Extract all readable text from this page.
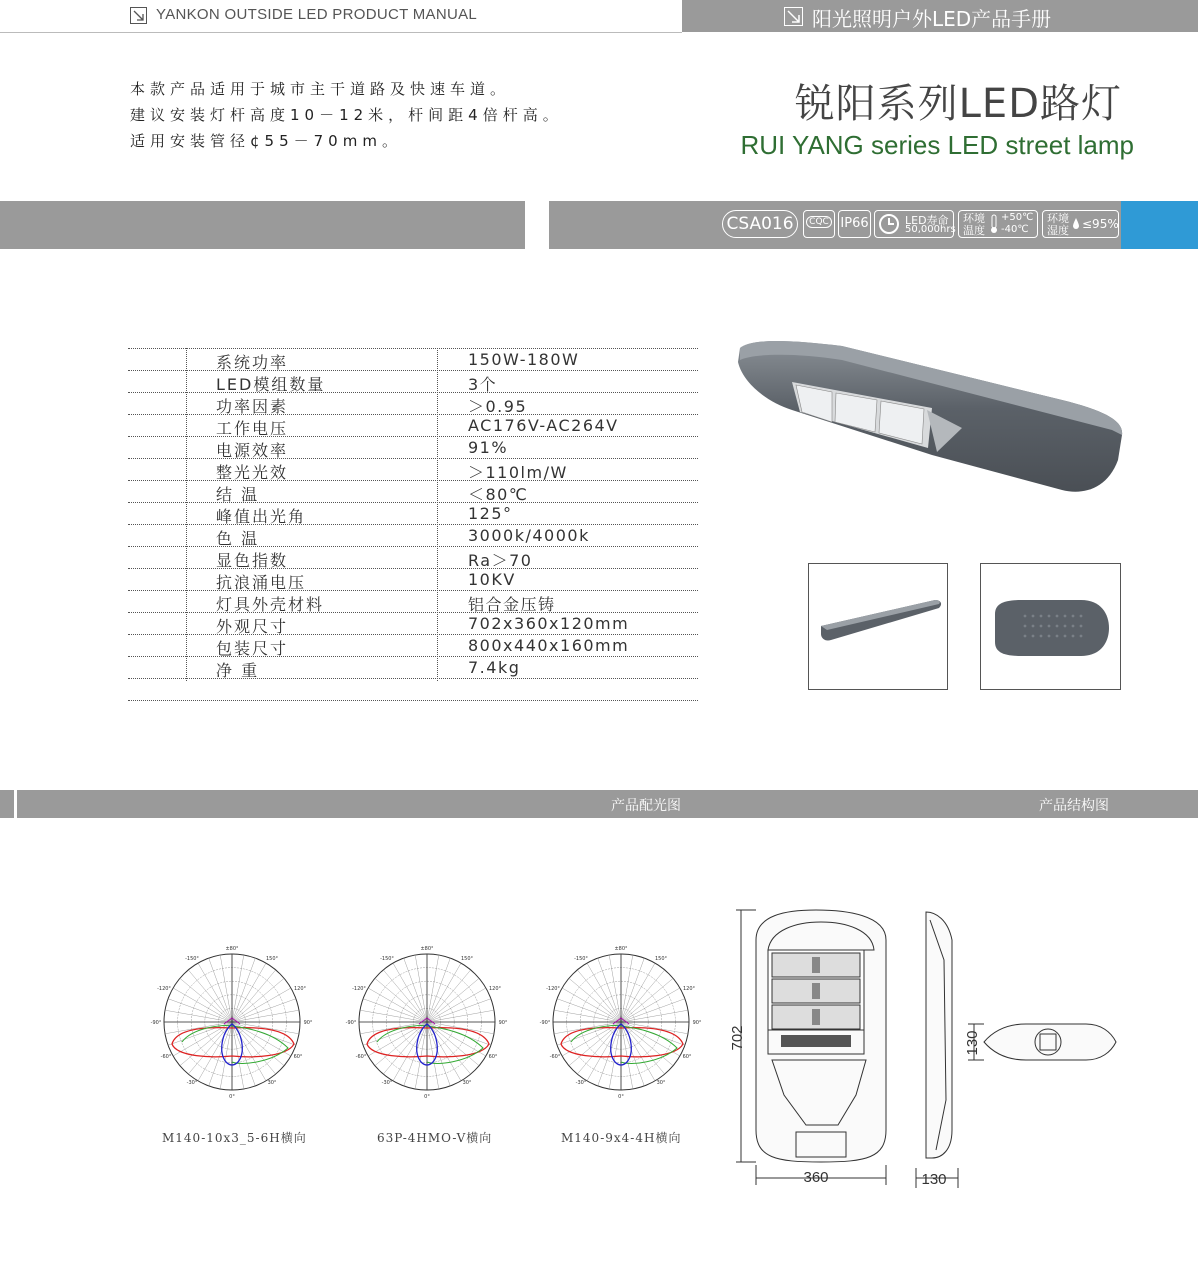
YANKON OUTSIDE LED PRODUCT MANUAL	阳光照明户外LED产品手册
本款产品适用于城市主干道路及快速车道。
建议安装灯杆高度10－12米，杆间距4倍杆高。
适用安装管径¢55－70mm。
锐阳系列LED路灯
RUI YANG series LED street lamp
CSA016	CQC IP66	LED寿命
50,000hrs
环境温度
+50℃
-40℃
环境湿度	≤95%
系统功率	150W-180W
LED模组数量	3个
功率因素	＞0.95
工作电压	AC176V-AC264V
电源效率	91%
整光光效	＞110lm/W
结 温	＜80℃
峰值出光角	125°
色 温	3000k/4000k
显色指数	Ra＞70
抗浪涌电压	10KV
灯具外壳材料	铝合金压铸
外观尺寸	702x360x120mm
包装尺寸	800x440x160mm
净 重	7.4kg
产品配光图	产品结构图
±80°
-150°	150°
-120°	120°
-90°	90°
-60°	60°
-30°	30°
0°
±80°
-150°	150°
-120°	120°
-90°	90°
-60°	60°
-30°	30°
0°
±80°
-150°	150°
-120°	120°
-90°	90°
-60°	60°
-30°	30°
0°
M140-10x3_5-6H横向	63P-4HMO-V横向	M140-9x4-4H横向
702
360	130
130
